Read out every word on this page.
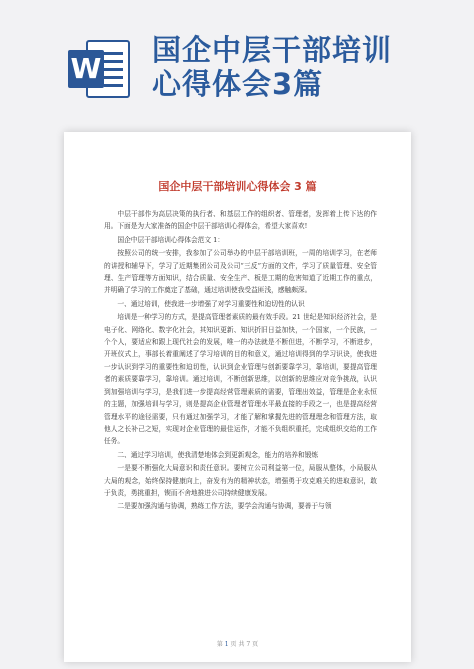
W
国企中层干部培训
心得体会3篇
国企中层干部培训心得体会 3 篇

中层干部作为高层决策的执行者、和基层工作的组织者、管理者，发挥着上传下达的作用。下面是为大家准备的国企中层干部培训心得体会，希望大家喜欢!

国企中层干部培训心得体会范文 1：

按照公司的统一安排，我参加了公司举办的中层干部培训班，一周的培训学习，在老师的讲授和辅导下，学习了近期集团公司及公司“三反”方面的文件，学习了质量管理、安全管理、生产管理等方面知识，结合质量、安全生产、板是工期的危害知道了近期工作的重点，并明确了学习的工作奠定了基础，通过培训使我受益匪浅，感触颇深。

一、通过培训，使我进一步增强了对学习重要性和迫切性的认识

培训是一种学习的方式，是提高管理者素质的最有效手段。21 世纪是知识经济社会，是电子化、网络化、数字化社会，其知识更新、知识折旧日益加快，一个国家，一个民族，一个个人，要适应和跟上现代社会的发展，唯一的办法就是不断但进，不断学习，不断进步，开班仪式上，事部长着重阐述了学习培训的目的和意义，通过培训得到的学习识诀，使我进一步认识到学习的重要性和迫切性，认识到企业管理与创新要靠学习，靠培训，要提高管理者的素质要靠学习，靠培训。通过培训，不断创新思维，以创新的思维应对竞争挑战，认识到加强培训与学习，是我们进一步提高经营管理素质的需要，管理出效益，管理是企业永恒的主题，加强培训与学习，则是提高企业管理者管理水平最直接的手段之一，也是提高经营管理水平的途径需要，只有通过加强学习，才能了解和掌握先进的管理理念和管理方法，取他人之长补己之短，实现对企业管理的最佳运作，才能不负组织重托，完成组织交给的工作任务。

二、通过学习培训，使我清楚地体会到更新观念，能力的培养和锻炼

一是要不断强化大局意识和责任意识。要树立公司利益第一位，局服从整体，小局服从大局的观念，始终保持健康向上，奋发有为的精神状态，增强勇于攻克难关的进取意识，敢于负责，勇挑重担，锲而不舍地推进公司持续健康发展。

二是要加强沟通与协调，熟练工作方法，要学会沟通与协调，要善于与领

第 1 页 共 7 页
